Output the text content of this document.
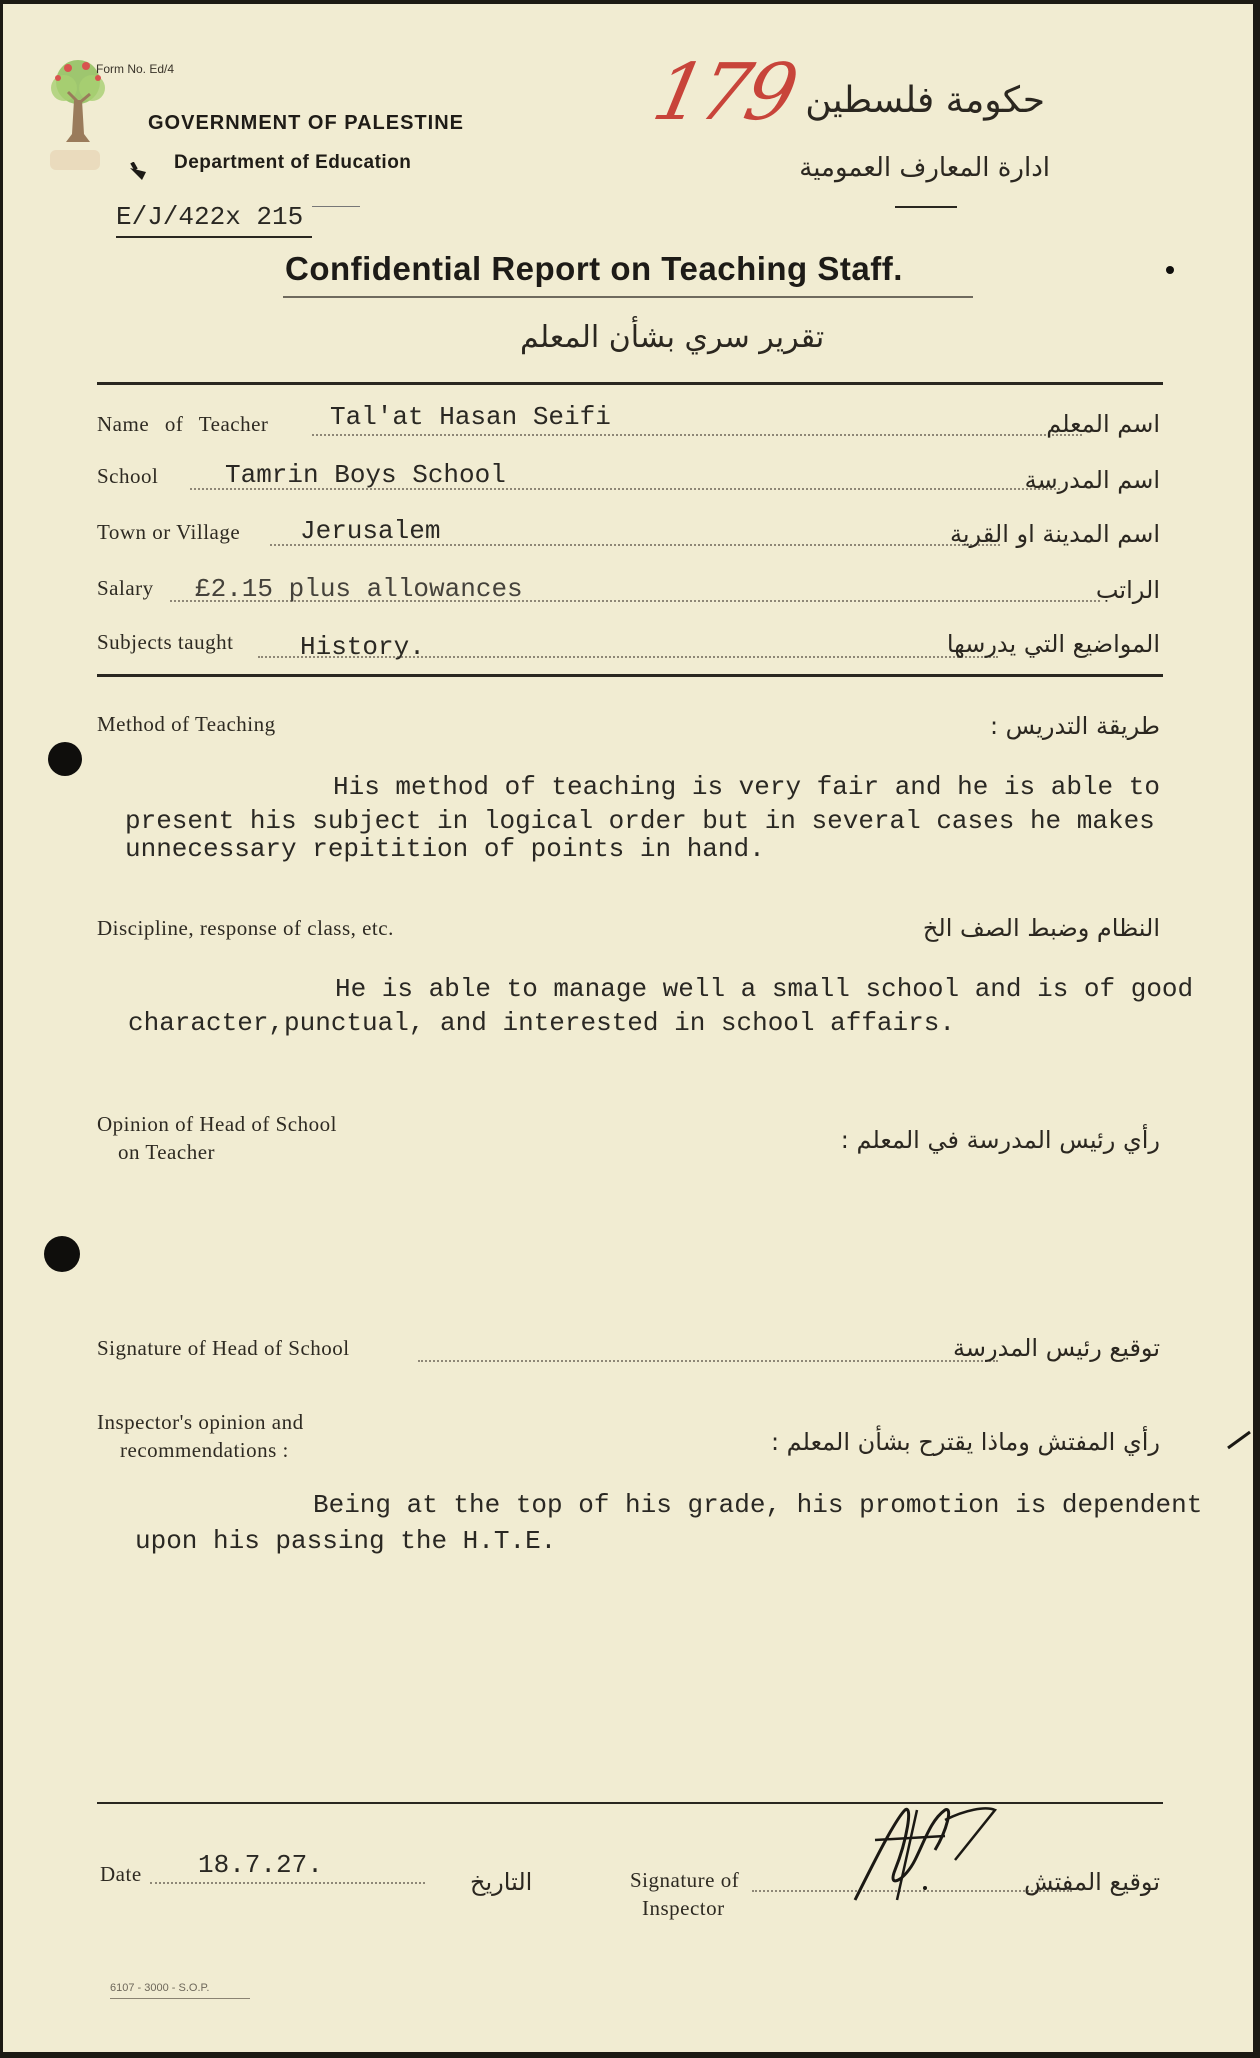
Form No. Ed/4	179
GOVERNMENT OF PALESTINE
Department of Education
حكومة فلسطين
ادارة المعارف العمومية
E/J/422x 215
Confidential Report on Teaching Staff.
تقرير سري بشأن المعلم
Name of Teacher Tal'at Hasan Seifi	اسم المعلم
School	Tamrin Boys School	اسم المدرسة
Town or Village Jerusalem	اسم المدينة او القرية
Salary £2.15 plus allowances	الراتب
Subjects taught	History.	المواضيع التي يدرسها
Method of Teaching	طريقة التدريس :
His method of teaching is very fair and he is able to
present his subject in logical order but in several cases he makes
unnecessary repitition of points in hand.
Discipline, response of class, etc.	النظام وضبط الصف الخ
He is able to manage well a small school and is of good
character,punctual, and interested in school affairs.
Opinion of Head of School
on Teacher	رأي رئيس المدرسة في المعلم :
Signature of Head of School	توقيع رئيس المدرسة
Inspector's opinion and
recommendations :	رأي المفتش وماذا يقترح بشأن المعلم :
Being at the top of his grade, his promotion is dependent
upon his passing the H.T.E.
Date 18.7.27.
التاريخ	Signature of
Inspector
توقيع المفتش
6107 - 3000 - S.O.P.
